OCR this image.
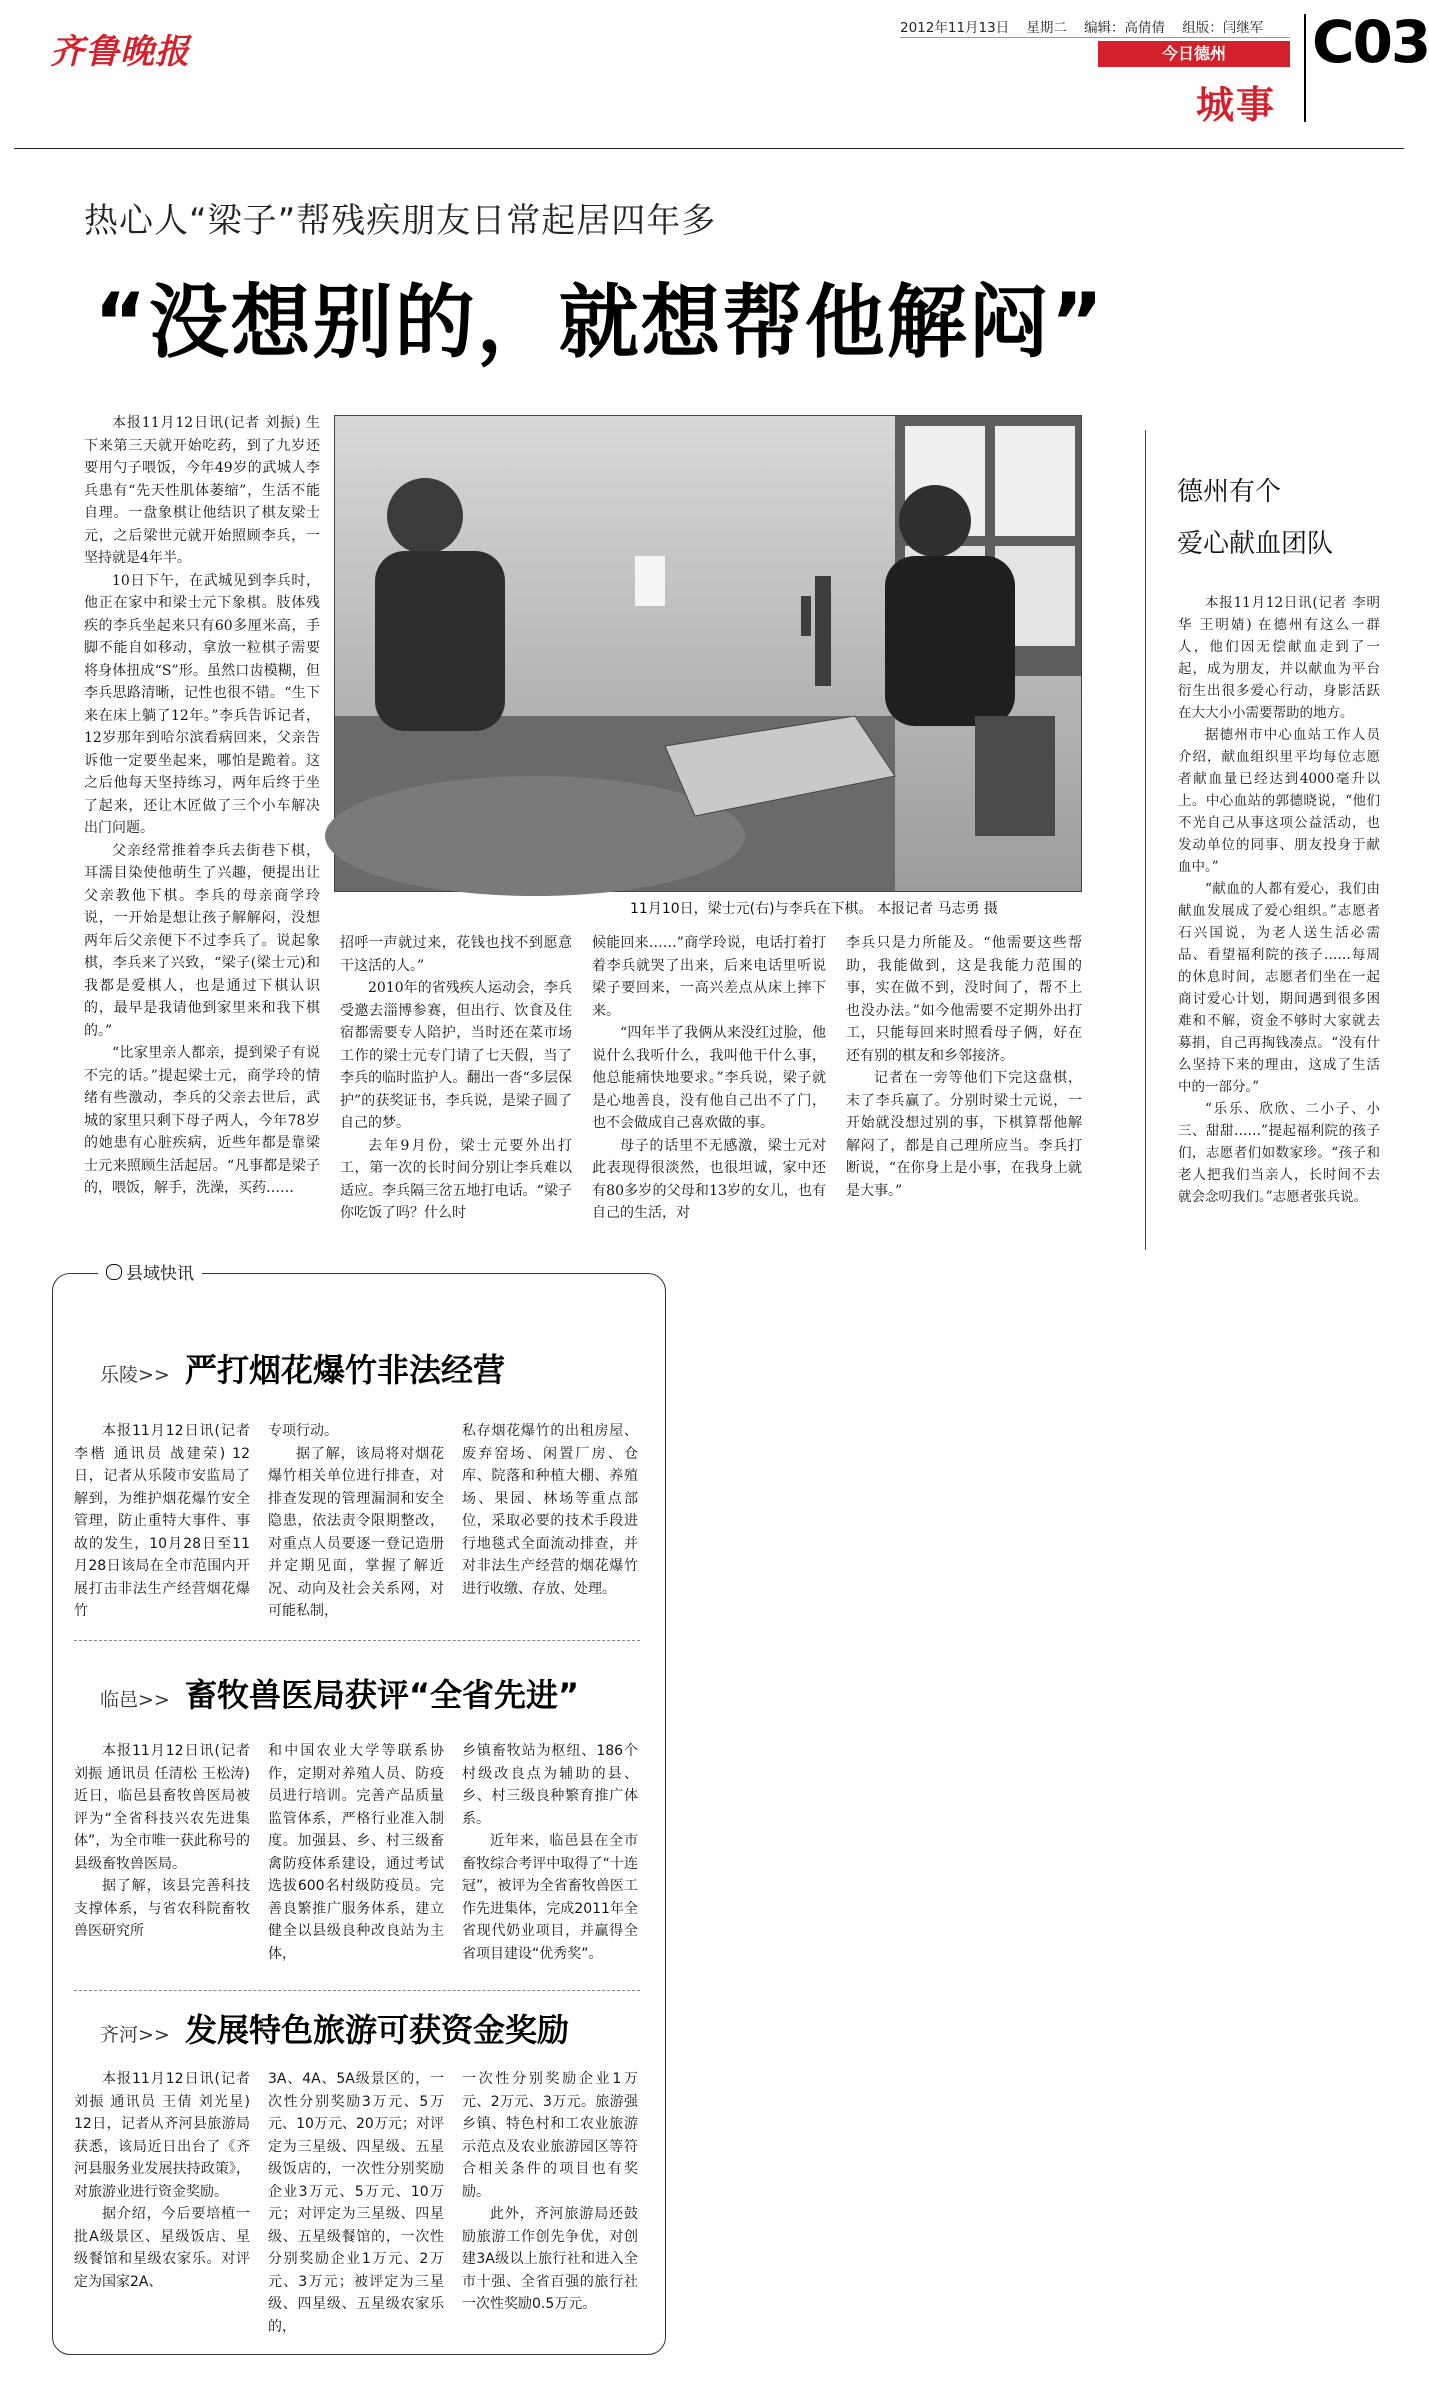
齐鲁晚报
2012年11月13日 星期二 编辑：高倩倩 组版：闫继军
今日德州
城事
C03
热心人“梁子”帮残疾朋友日常起居四年多
“没想别的，就想帮他解闷”

本报11月12日讯(记者 刘振) 生下来第三天就开始吃药，到了九岁还要用勺子喂饭，今年49岁的武城人李兵患有“先天性肌体萎缩”，生活不能自理。一盘象棋让他结识了棋友梁士元，之后梁世元就开始照顾李兵，一坚持就是4年半。

10日下午，在武城见到李兵时，他正在家中和梁士元下象棋。肢体残疾的李兵坐起来只有60多厘米高，手脚不能自如移动，拿放一粒棋子需要将身体扭成“S”形。虽然口齿模糊，但李兵思路清晰，记性也很不错。“生下来在床上躺了12年。”李兵告诉记者，12岁那年到哈尔滨看病回来，父亲告诉他一定要坐起来，哪怕是跪着。这之后他每天坚持练习，两年后终于坐了起来，还让木匠做了三个小车解决出门问题。

父亲经常推着李兵去街巷下棋，耳濡目染使他萌生了兴趣，便提出让父亲教他下棋。李兵的母亲商学玲说，一开始是想让孩子解解闷，没想两年后父亲便下不过李兵了。说起象棋，李兵来了兴致，“梁子(梁士元)和我都是爱棋人，也是通过下棋认识的，最早是我请他到家里来和我下棋的。”

“比家里亲人都亲，提到梁子有说不完的话。”提起梁士元，商学玲的情绪有些激动，李兵的父亲去世后，武城的家里只剩下母子两人，今年78岁的她患有心脏疾病，近些年都是靠梁士元来照顾生活起居。“凡事都是梁子的，喂饭，解手，洗澡，买药……

11月10日，梁士元(右)与李兵在下棋。 本报记者 马志勇 摄

招呼一声就过来，花钱也找不到愿意干这活的人。”

2010年的省残疾人运动会，李兵受邀去淄博参赛，但出行、饮食及住宿都需要专人陪护，当时还在菜市场工作的梁士元专门请了七天假，当了李兵的临时监护人。翻出一沓“多层保护”的获奖证书，李兵说，是梁子圆了自己的梦。

去年9月份，梁士元要外出打工，第一次的长时间分别让李兵难以适应。李兵隔三岔五地打电话。“梁子你吃饭了吗？什么时

候能回来……”商学玲说，电话打着打着李兵就哭了出来，后来电话里听说梁子要回来，一高兴差点从床上摔下来。

“四年半了我俩从来没红过脸，他说什么我听什么，我叫他干什么事，他总能痛快地要求。”李兵说，梁子就是心地善良，没有他自己出不了门，也不会做成自己喜欢做的事。

母子的话里不无感激，梁士元对此表现得很淡然，也很坦诚，家中还有80多岁的父母和13岁的女儿，也有自己的生活，对

李兵只是力所能及。“他需要这些帮助，我能做到，这是我能力范围的事，实在做不到，没时间了，帮不上也没办法。”如今他需要不定期外出打工，只能每回来时照看母子俩，好在还有别的棋友和乡邻接济。

记者在一旁等他们下完这盘棋，末了李兵赢了。分别时梁士元说，一开始就没想过别的事，下棋算帮他解解闷了，都是自己理所应当。李兵打断说，“在你身上是小事，在我身上就是大事。”

德州有个
爱心献血团队

本报11月12日讯(记者 李明华 王明婧) 在德州有这么一群人，他们因无偿献血走到了一起，成为朋友，并以献血为平台衍生出很多爱心行动，身影活跃在大大小小需要帮助的地方。

据德州市中心血站工作人员介绍，献血组织里平均每位志愿者献血量已经达到4000毫升以上。中心血站的郭德晓说，“他们不光自己从事这项公益活动，也发动单位的同事、朋友投身于献血中。”

“献血的人都有爱心，我们由献血发展成了爱心组织。”志愿者石兴国说，为老人送生活必需品、看望福利院的孩子……每周的休息时间，志愿者们坐在一起商讨爱心计划，期间遇到很多困难和不解，资金不够时大家就去募捐，自己再掏钱凑点。“没有什么坚持下来的理由，这成了生活中的一部分。”

“乐乐、欣欣、二小子、小三、甜甜……”提起福利院的孩子们，志愿者们如数家珍。“孩子和老人把我们当亲人，长时间不去就会念叨我们。”志愿者张兵说。

县域快讯
乐陵>> 严打烟花爆竹非法经营

本报11月12日讯(记者 李楷 通讯员 战建荣) 12日，记者从乐陵市安监局了解到，为维护烟花爆竹安全管理，防止重特大事件、事故的发生，10月28日至11月28日该局在全市范围内开展打击非法生产经营烟花爆竹

专项行动。

据了解，该局将对烟花爆竹相关单位进行排查，对排查发现的管理漏洞和安全隐患，依法责令限期整改，对重点人员要逐一登记造册并定期见面，掌握了解近况、动向及社会关系网，对可能私制，

私存烟花爆竹的出租房屋、废弃窑场、闲置厂房、仓库、院落和种植大棚、养殖场、果园、林场等重点部位，采取必要的技术手段进行地毯式全面流动排查，并对非法生产经营的烟花爆竹进行收缴、存放、处理。

临邑>> 畜牧兽医局获评“全省先进”

本报11月12日讯(记者 刘振 通讯员 任清松 王松涛) 近日，临邑县畜牧兽医局被评为“全省科技兴农先进集体”，为全市唯一获此称号的县级畜牧兽医局。

据了解，该县完善科技支撑体系，与省农科院畜牧兽医研究所

和中国农业大学等联系协作，定期对养殖人员、防疫员进行培训。完善产品质量监管体系，严格行业准入制度。加强县、乡、村三级畜禽防疫体系建设，通过考试选拔600名村级防疫员。完善良繁推广服务体系，建立健全以县级良种改良站为主体，

乡镇畜牧站为枢纽、186个村级改良点为辅助的县、乡、村三级良种繁育推广体系。

近年来，临邑县在全市畜牧综合考评中取得了“十连冠”，被评为全省畜牧兽医工作先进集体，完成2011年全省现代奶业项目，并赢得全省项目建设“优秀奖”。

齐河>> 发展特色旅游可获资金奖励

本报11月12日讯(记者 刘振 通讯员 王倩 刘光星) 12日，记者从齐河县旅游局获悉，该局近日出台了《齐河县服务业发展扶持政策》，对旅游业进行资金奖励。

据介绍，今后要培植一批A级景区、星级饭店、星级餐馆和星级农家乐。对评定为国家2A、

3A、4A、5A级景区的，一次性分别奖励3万元、5万元、10万元、20万元；对评定为三星级、四星级、五星级饭店的，一次性分别奖励企业3万元、5万元、10万元；对评定为三星级、四星级、五星级餐馆的，一次性分别奖励企业1万元、2万元、3万元；被评定为三星级、四星级、五星级农家乐的，

一次性分别奖励企业1万元、2万元、3万元。旅游强乡镇、特色村和工农业旅游示范点及农业旅游园区等符合相关条件的项目也有奖励。

此外，齐河旅游局还鼓励旅游工作创先争优，对创建3A级以上旅行社和进入全市十强、全省百强的旅行社一次性奖励0.5万元。
